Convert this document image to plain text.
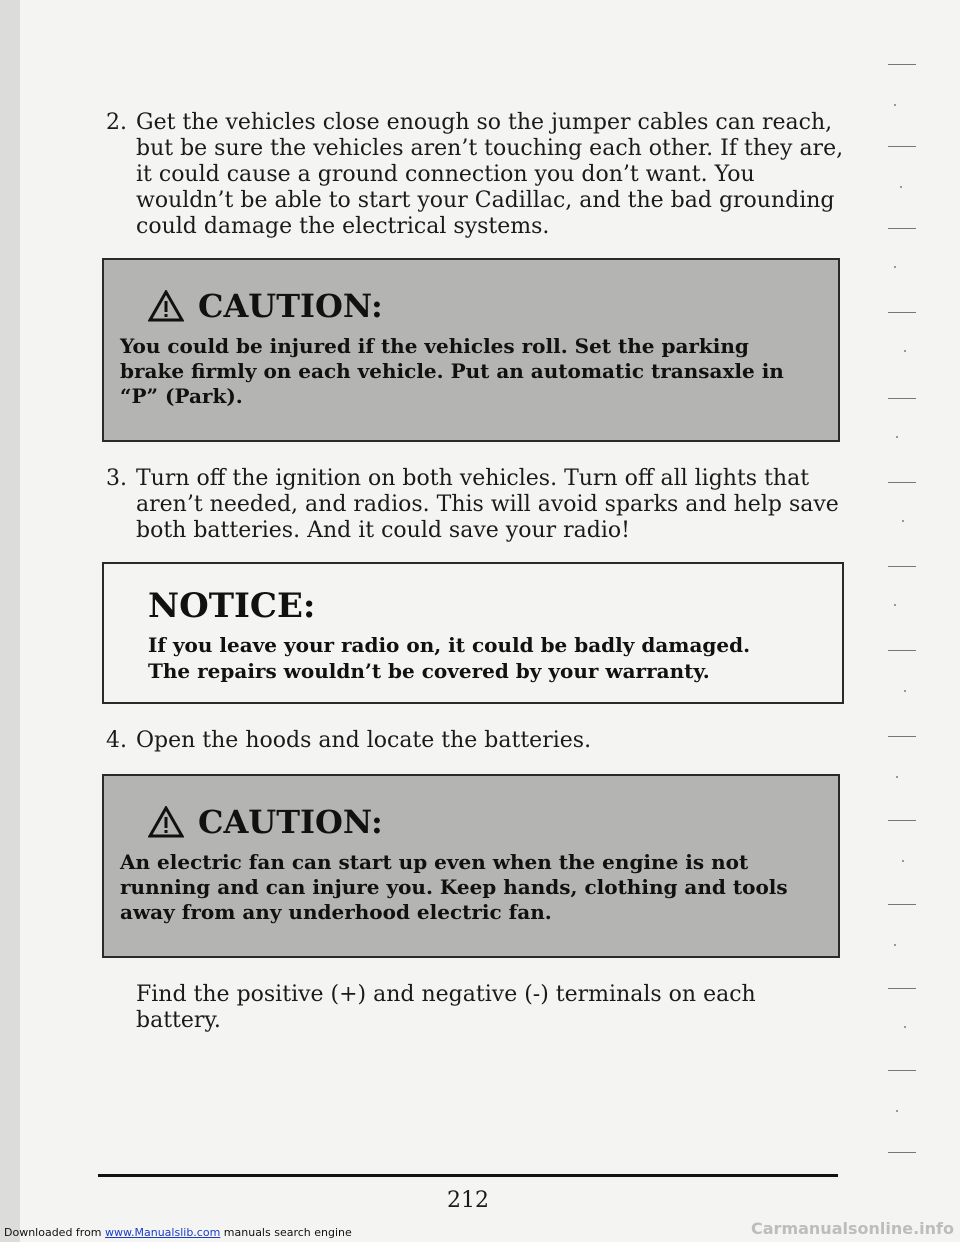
2. Get the vehicles close enough so the jumper cables can reach, but be sure the vehicles aren’t touching each other. If they are, it could cause a ground connection you don’t want. You wouldn’t be able to start your Cadillac, and the bad grounding could damage the electrical systems.
CAUTION:
You could be injured if the vehicles roll. Set the parking brake firmly on each vehicle. Put an automatic transaxle in “P” (Park).
3. Turn off the ignition on both vehicles. Turn off all lights that aren’t needed, and radios. This will avoid sparks and help save both batteries. And it could save your radio!
NOTICE:
If you leave your radio on, it could be badly damaged. The repairs wouldn’t be covered by your warranty.
4. Open the hoods and locate the batteries.
CAUTION:
An electric fan can start up even when the engine is not running and can injure you. Keep hands, clothing and tools away from any underhood electric fan.
Find the positive (+) and negative (-) terminals on each battery.
212
Downloaded from www.Manualslib.com manuals search engine	Carmanualsonline.info
